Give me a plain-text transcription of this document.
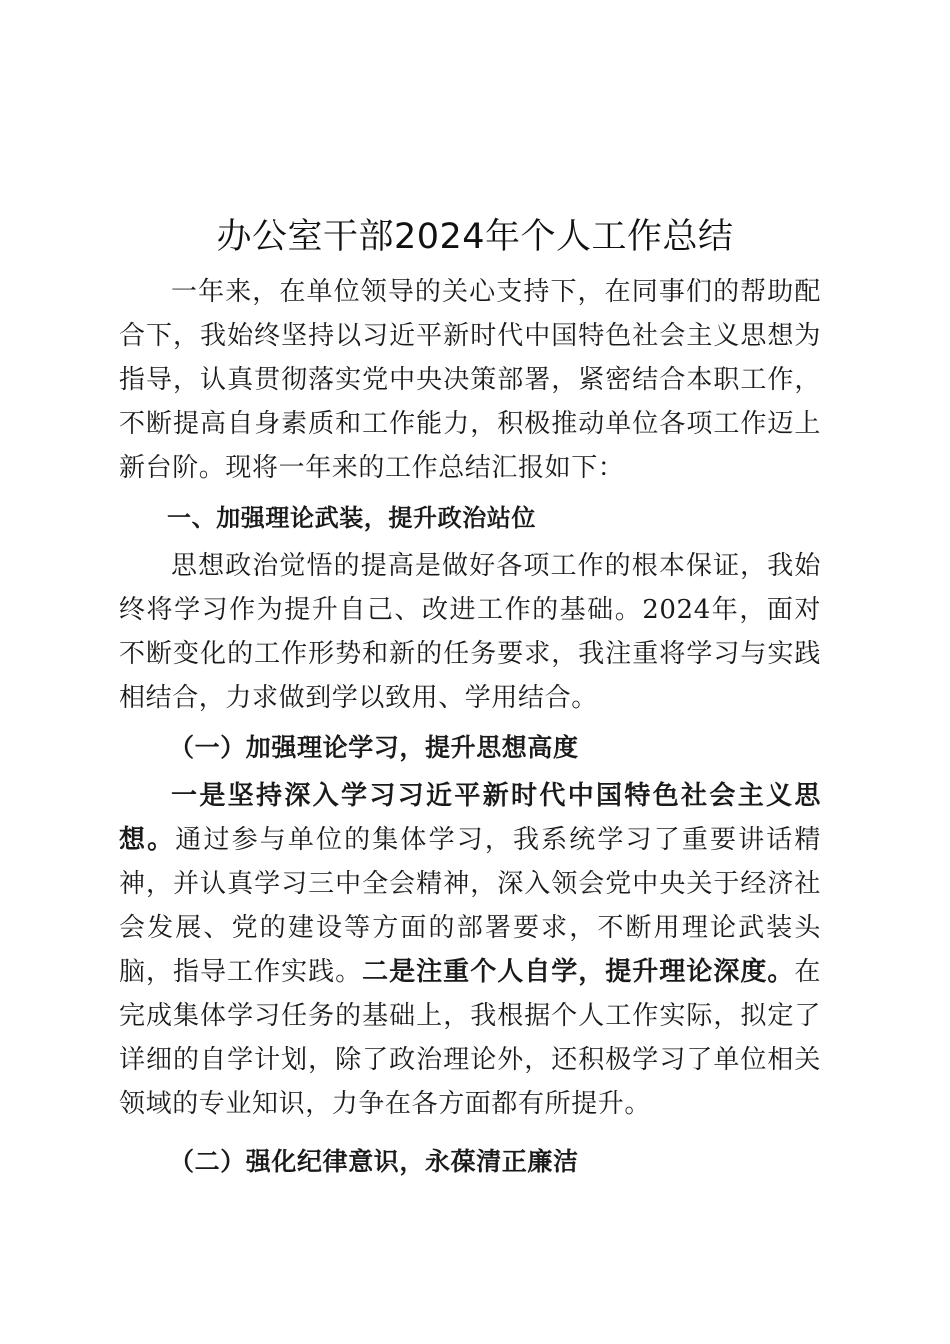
办公室干部2024年个人工作总结

一年来，在单位领导的关心支持下，在同事们的帮助配合下，我始终坚持以习近平新时代中国特色社会主义思想为指导，认真贯彻落实党中央决策部署，紧密结合本职工作，不断提高自身素质和工作能力，积极推动单位各项工作迈上新台阶。现将一年来的工作总结汇报如下：

一、加强理论武装，提升政治站位

思想政治觉悟的提高是做好各项工作的根本保证，我始终将学习作为提升自己、改进工作的基础。2024年，面对不断变化的工作形势和新的任务要求，我注重将学习与实践相结合，力求做到学以致用、学用结合。

（一）加强理论学习，提升思想高度

一是坚持深入学习习近平新时代中国特色社会主义思想。通过参与单位的集体学习，我系统学习了重要讲话精神，并认真学习三中全会精神，深入领会党中央关于经济社会发展、党的建设等方面的部署要求，不断用理论武装头脑，指导工作实践。二是注重个人自学，提升理论深度。在完成集体学习任务的基础上，我根据个人工作实际，拟定了详细的自学计划，除了政治理论外，还积极学习了单位相关领域的专业知识，力争在各方面都有所提升。

（二）强化纪律意识，永葆清正廉洁
